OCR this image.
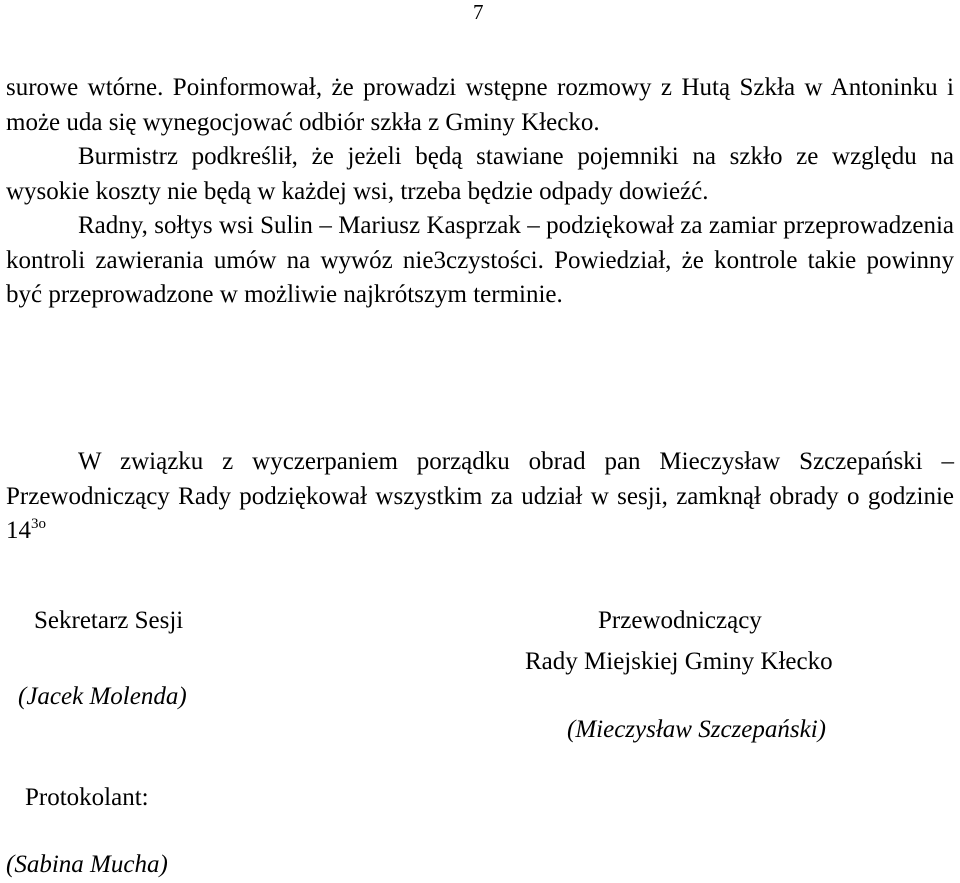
7

surowe wtórne. Poinformował, że prowadzi wstępne rozmowy z Hutą Szkła w Antoninku i może uda się wynegocjować odbiór szkła z Gminy Kłecko.

Burmistrz podkreślił, że jeżeli będą stawiane pojemniki na szkło ze względu na wysokie koszty nie będą w każdej wsi, trzeba będzie odpady dowieźć.

Radny, sołtys wsi Sulin – Mariusz Kasprzak – podziękował za zamiar przeprowadzenia kontroli zawierania umów na wywóz nie3czystości. Powiedział, że kontrole takie powinny być przeprowadzone w możliwie najkrótszym terminie.

W związku z wyczerpaniem porządku obrad pan Mieczysław Szczepański – Przewodniczący Rady podziękował wszystkim za udział w sesji, zamknął obrady o godzinie $14^{3o}$

Sekretarz Sesji
(Jacek Molenda)
Przewodniczący
Rady Miejskiej Gminy Kłecko
(Mieczysław Szczepański)
Protokolant:
(Sabina Mucha)
